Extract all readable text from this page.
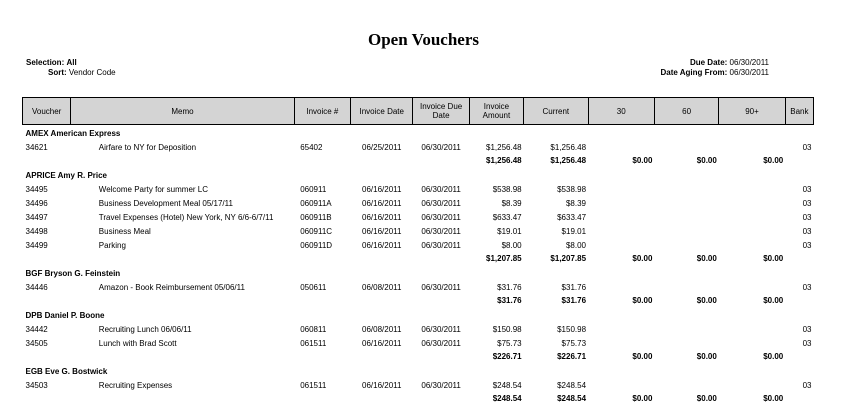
Open Vouchers
Selection: All
Sort: Vendor Code
Due Date: 06/30/2011
Date Aging From: 06/30/2011
Voucher	Memo	Invoice #	Invoice Date	Invoice Due Date	Invoice Amount	Current	30	60	90+	Bank
AMEX American Express										
34621	Airfare to NY for Deposition	65402	06/25/2011	06/30/2011	$1,256.48	$1,256.48				03
					$1,256.48	$1,256.48	$0.00	$0.00	$0.00	
APRICE Amy R. Price										
34495	Welcome Party for summer LC	060911	06/16/2011	06/30/2011	$538.98	$538.98				03
34496	Business Development Meal 05/17/11	060911A	06/16/2011	06/30/2011	$8.39	$8.39				03
34497	Travel Expenses (Hotel) New York, NY 6/6-6/7/11	060911B	06/16/2011	06/30/2011	$633.47	$633.47				03
34498	Business Meal	060911C	06/16/2011	06/30/2011	$19.01	$19.01				03
34499	Parking	060911D	06/16/2011	06/30/2011	$8.00	$8.00				03
					$1,207.85	$1,207.85	$0.00	$0.00	$0.00	
BGF Bryson G. Feinstein										
34446	Amazon - Book Reimbursement 05/06/11	050611	06/08/2011	06/30/2011	$31.76	$31.76				03
					$31.76	$31.76	$0.00	$0.00	$0.00	
DPB Daniel P. Boone										
34442	Recruiting Lunch 06/06/11	060811	06/08/2011	06/30/2011	$150.98	$150.98				03
34505	Lunch with Brad Scott	061511	06/16/2011	06/30/2011	$75.73	$75.73				03
					$226.71	$226.71	$0.00	$0.00	$0.00	
EGB Eve G. Bostwick										
34503	Recruiting Expenses	061511	06/16/2011	06/30/2011	$248.54	$248.54				03
					$248.54	$248.54	$0.00	$0.00	$0.00	
